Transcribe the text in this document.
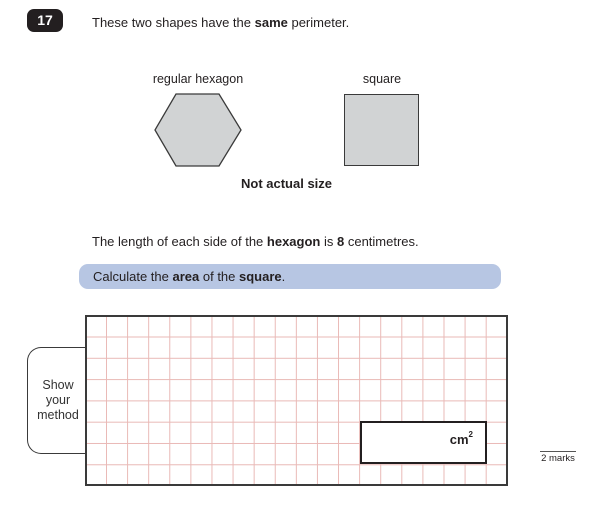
17	These two shapes have the same perimeter.
regular hexagon	square
Not actual size
The length of each side of the hexagon is 8 centimetres.
Calculate the area of the square.
Show
your
method
$cm^2$
2 marks
